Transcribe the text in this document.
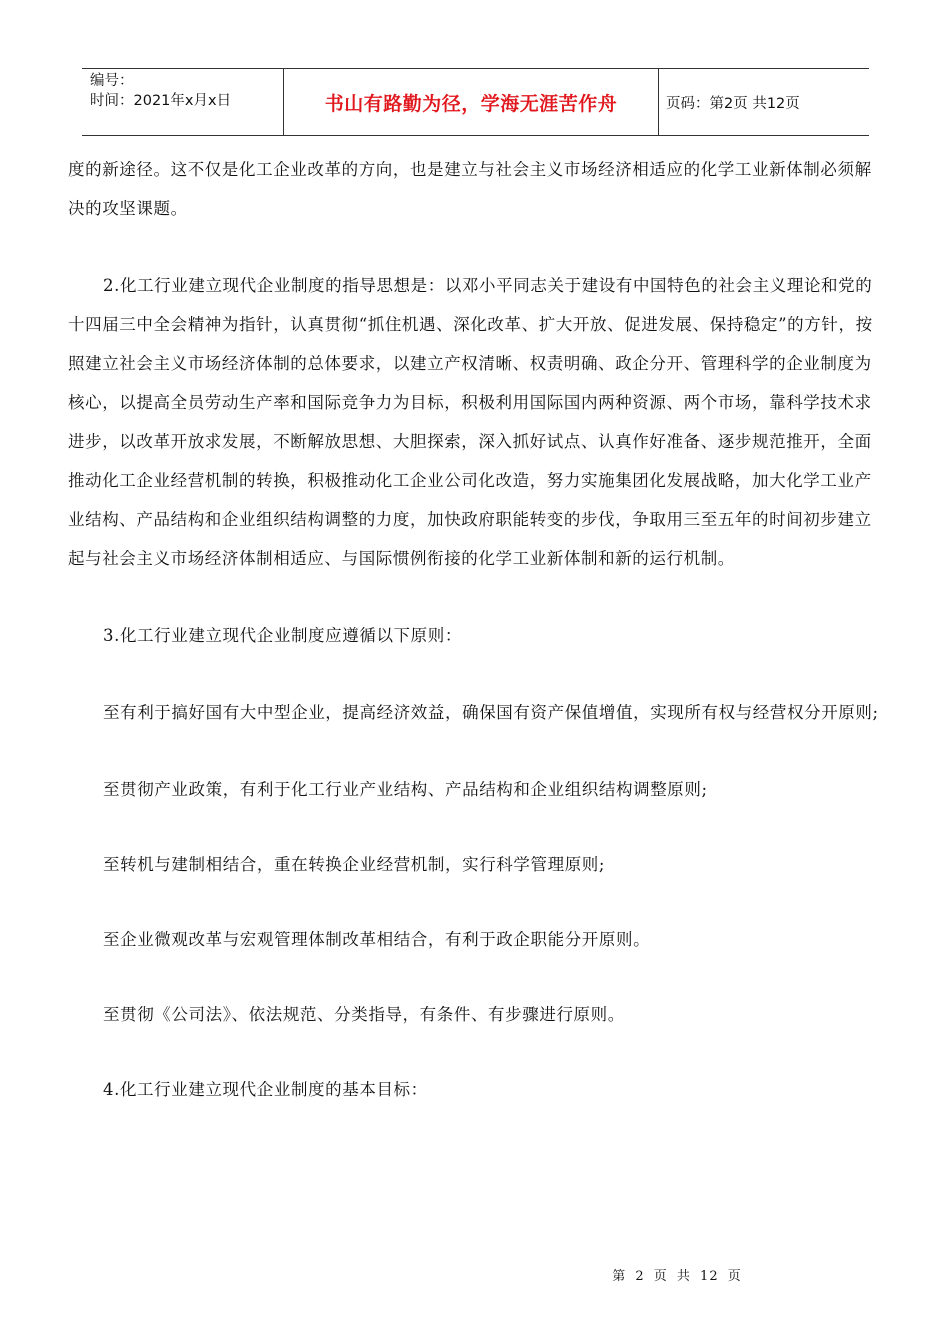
编号：
时间：2021年x月x日	书山有路勤为径，学海无涯苦作舟	页码：第2页 共12页

度的新途径。这不仅是化工企业改革的方向，也是建立与社会主义市场经济相适应的化学工业新体制必须解决的攻坚课题。

2.化工行业建立现代企业制度的指导思想是：以邓小平同志关于建设有中国特色的社会主义理论和党的十四届三中全会精神为指针，认真贯彻“抓住机遇、深化改革、扩大开放、促进发展、保持稳定”的方针，按照建立社会主义市场经济体制的总体要求，以建立产权清晰、权责明确、政企分开、管理科学的企业制度为核心，以提高全员劳动生产率和国际竞争力为目标，积极利用国际国内两种资源、两个市场，靠科学技术求进步，以改革开放求发展，不断解放思想、大胆探索，深入抓好试点、认真作好准备、逐步规范推开，全面推动化工企业经营机制的转换，积极推动化工企业公司化改造，努力实施集团化发展战略，加大化学工业产业结构、产品结构和企业组织结构调整的力度，加快政府职能转变的步伐，争取用三至五年的时间初步建立起与社会主义市场经济体制相适应、与国际惯例衔接的化学工业新体制和新的运行机制。

3.化工行业建立现代企业制度应遵循以下原则：

至有利于搞好国有大中型企业，提高经济效益，确保国有资产保值增值，实现所有权与经营权分开原则;

至贯彻产业政策，有利于化工行业产业结构、产品结构和企业组织结构调整原则;

至转机与建制相结合，重在转换企业经营机制，实行科学管理原则;

至企业微观改革与宏观管理体制改革相结合，有利于政企职能分开原则。

至贯彻《公司法》、依法规范、分类指导，有条件、有步骤进行原则。

4.化工行业建立现代企业制度的基本目标：

第 2 页 共 12 页
